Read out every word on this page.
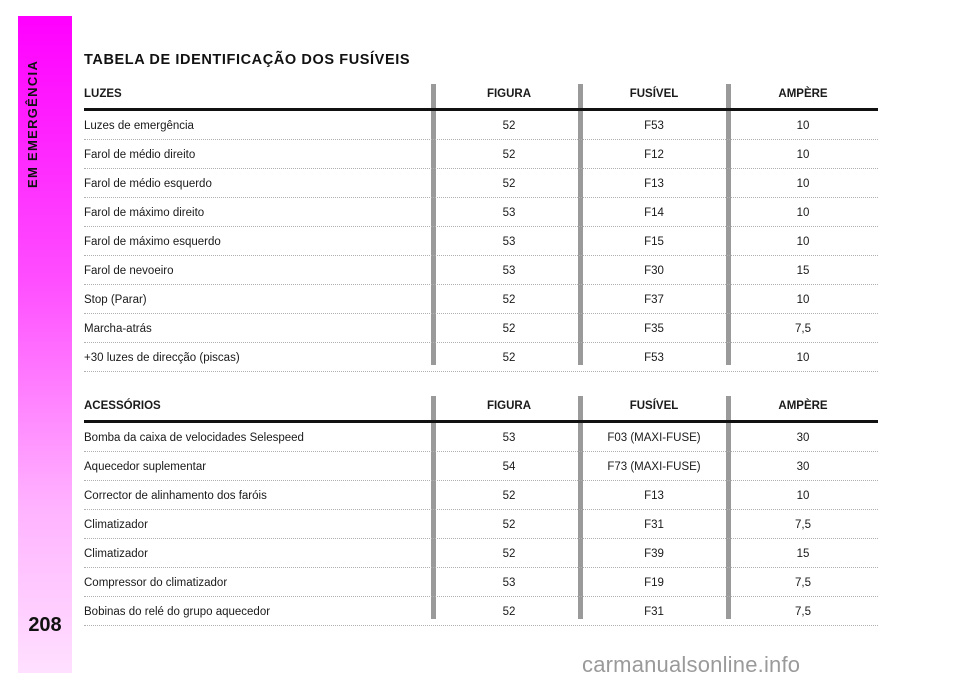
EM EMERGÊNCIA
208
TABELA DE IDENTIFICAÇÃO DOS FUSÍVEIS
LUZES	FIGURA	FUSÍVEL	AMPÈRE
Luzes de emergência	52	F53	10
Farol de médio direito	52	F12	10
Farol de médio esquerdo	52	F13	10
Farol de máximo direito	53	F14	10
Farol de máximo esquerdo	53	F15	10
Farol de nevoeiro	53	F30	15
Stop (Parar)	52	F37	10
Marcha-atrás	52	F35	7,5
+30 luzes de direcção (piscas)	52	F53	10
ACESSÓRIOS	FIGURA	FUSÍVEL	AMPÈRE
Bomba da caixa de velocidades Selespeed	53	F03 (MAXI-FUSE)	30
Aquecedor suplementar	54	F73 (MAXI-FUSE)	30
Corrector de alinhamento dos faróis	52	F13	10
Climatizador	52	F31	7,5
Climatizador	52	F39	15
Compressor do climatizador	53	F19	7,5
Bobinas do relé do grupo aquecedor	52	F31	7,5
carmanualsonline.info
